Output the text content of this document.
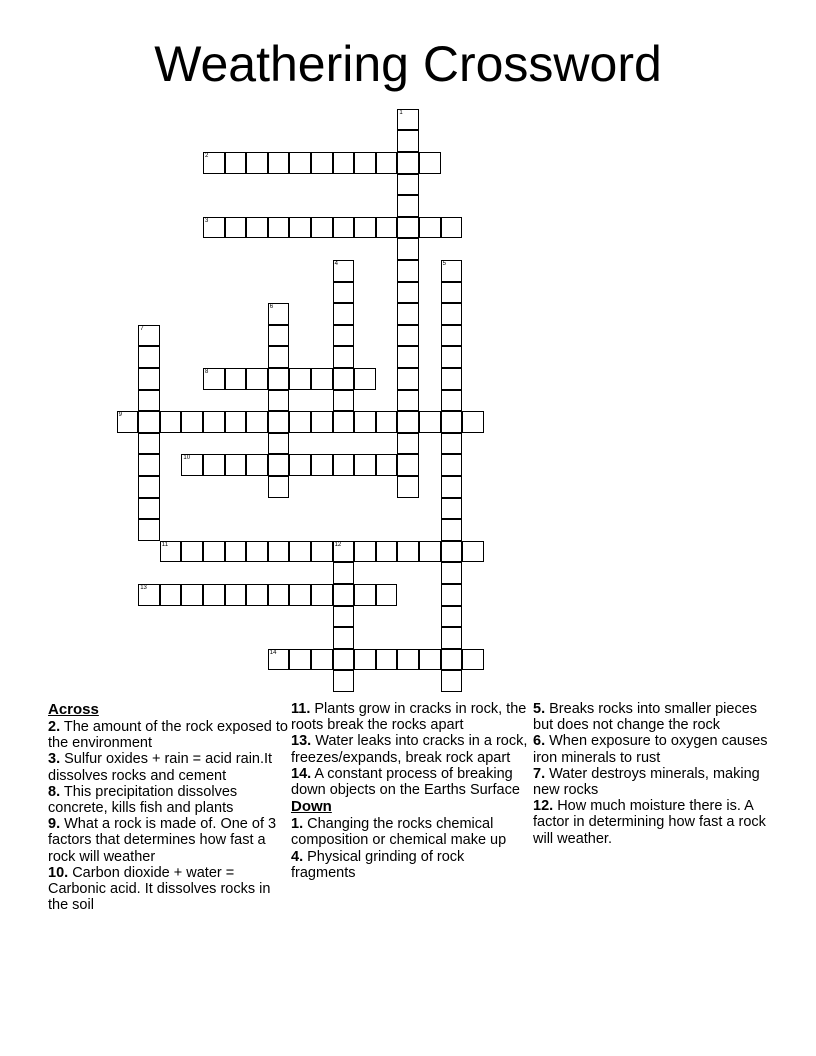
Weathering Crossword
1
2
3
4	5
6
7
8
9
10
11	12
13
14
Across

2. The amount of the rock exposed to the environment

3. Sulfur oxides + rain = acid rain.It dissolves rocks and cement

8. This precipitation dissolves concrete, kills fish and plants

9. What a rock is made of. One of 3 factors that determines how fast a rock will weather

10. Carbon dioxide + water = Carbonic acid. It dissolves rocks in the soil

11. Plants grow in cracks in rock, the roots break the rocks apart

13. Water leaks into cracks in a rock, freezes/expands, break rock apart

14. A constant process of breaking down objects on the Earths Surface

Down

1. Changing the rocks chemical composition or chemical make up

4. Physical grinding of rock fragments

5. Breaks rocks into smaller pieces but does not change the rock

6. When exposure to oxygen causes iron minerals to rust

7. Water destroys minerals, making new rocks

12. How much moisture there is. A factor in determining how fast a rock will weather.
